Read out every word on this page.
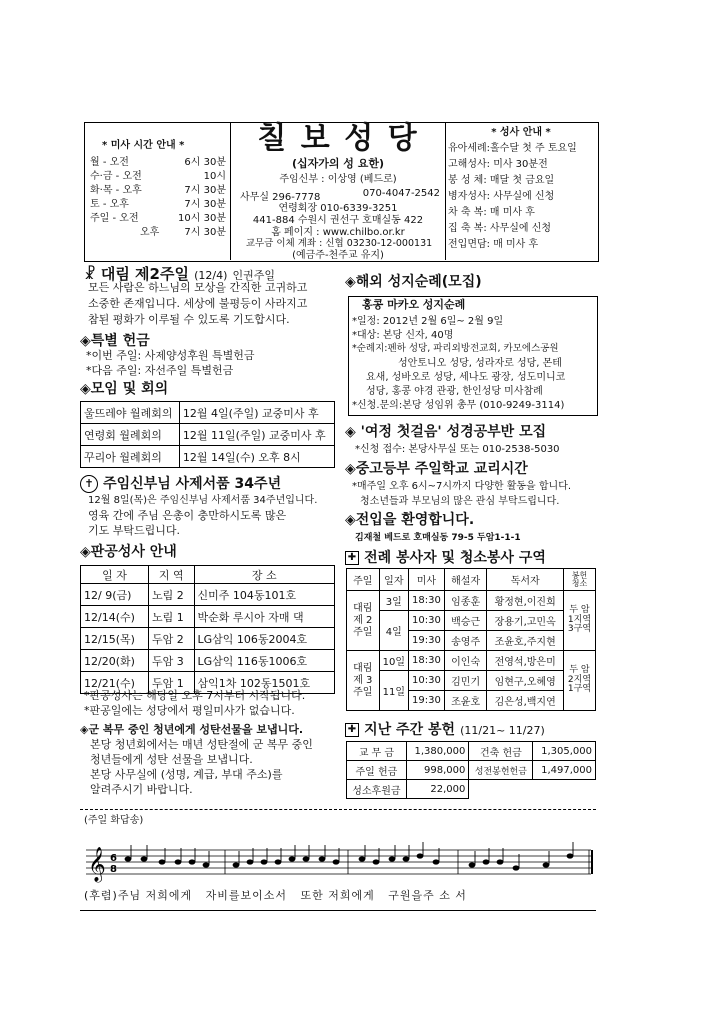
* 미사 시간 안내 *
월 - 오전	6시 30분
수·금 - 오전	10시
화·목 - 오후	7시 30분
토 - 오후	7시 30분
주일 - 오전	10시 30분
오후	7시 30분
칠 보 성 당
(십자가의 성 요한)
주임신부 : 이상영 (베드로)
사무실 296-7778	070-4047-2542
연령회장 010-6339-3251
441-884 수원시 권선구 호매실동 422
홈 페이지 : www.chilbo.or.kr
교무금 이체 계좌 : 신협 03230-12-000131
(예금주-천주교 유지)
* 성사 안내 *
유아세례:홀수달 첫 주 토요일
고해성사: 미사 30분전
봉 성 체: 매달 첫 금요일
병자성사: 사무실에 신청
차 축 복: 매 미사 후
집 축 복: 사무실에 신청
전입면담: 매 미사 후
☧ 대림 제2주일 (12/4) 인권주일
모든 사람은 하느님의 모상을 간직한 고귀하고
소중한 존재입니다. 세상에 불평등이 사라지고
참된 평화가 이루될 수 있도록 기도합시다.
◈특별 헌금
*이번 주일: 사제양성후원 특별헌금
*다음 주일: 자선주일 특별헌금
◈모임 및 회의
울뜨레야 월례회의	12월 4일(주일) 교중미사 후
연령회 월례회의	12월 11일(주일) 교중미사 후
꾸리아 월례회의	12월 14일(수) 오후 8시
✝ 주임신부님 사제서품 34주년
12월 8일(목)은 주임신부님 사제서품 34주년입니다.
영육 간에 주님 은총이 충만하시도록 많은
기도 부탁드립니다.
◈판공성사 안내
일 자	지 역	장 소
12/ 9(금)	노림 2	신미주 104동101호
12/14(수)	노림 1	박순화 루시아 자매 댁
12/15(목)	두암 2	LG삼익 106동2004호
12/20(화)	두암 3	LG삼익 116동1006호
12/21(수)	두암 1	삼익1차 102동1501호
*판공성사는 해당일 오후 7시부터 시작됩니다.
*판공일에는 성당에서 평일미사가 없습니다.
◈군 복무 중인 청년에게 성탄선물을 보냅니다.
본당 청년회에서는 매년 성탄절에 군 복무 중인
청년들에게 성탄 선물을 보냅니다.
본당 사무실에 (성명, 계급, 부대 주소)를
알려주시기 바랍니다.
◈해외 성지순례(모집)
홍콩 마카오 성지순례
*일정: 2012년 2월 6일~ 2월 9일
*대상: 본당 신자, 40명
*순례지:펜하 성당, 파리외방전교회, 카모에스공원
성안토니오 성당, 성라자로 성당, 몬테
요새, 성바오로 성당, 세나도 광장, 성도미니코
성당, 홍콩 야경 관광, 한인성당 미사참례
*신청.문의:본당 성임위 총무 (010-9249-3114)
◈ '여정 첫걸음' 성경공부반 모집
*신청 접수: 본당사무실 또는 010-2538-5030
◈중고등부 주일학교 교리시간
*매주일 오후 6시~7시까지 다양한 활동을 합니다.
청소년들과 부모님의 많은 관심 부탁드립니다.
◈전입을 환영합니다.
김재철 베드로 호매실동 79-5 두암1-1-1
✚ 전례 봉사자 및 청소봉사 구역
주일	일자	미사	해설자	독서자	봉헌 청소
대림 제 2 주일	3일	18:30	임종훈	황정현,이진희	두 암 1지역 3구역
	4일	10:30	백승근	장용기,고민옥	
		19:30	송영주	조윤호,주지현	
대림 제 3 주일	10일	18:30	이인숙	전영석,방은미	두 암 2지역 1구역
	11일	10:30	김민기	임현구,오혜영	
		19:30	조윤호	김은성,백지연	
✚ 지난 주간 봉헌 (11/21~ 11/27)
교 무 금	1,380,000	건축 헌금	1,305,000
주일 헌금	998,000	성전봉헌헌금	1,497,000
성소후원금	22,000		
(주일 화답송)
𝄞 6
8
(후렴)주님 저희에게   자비를보이소서   또한 저희에게   구원을주 소 서
